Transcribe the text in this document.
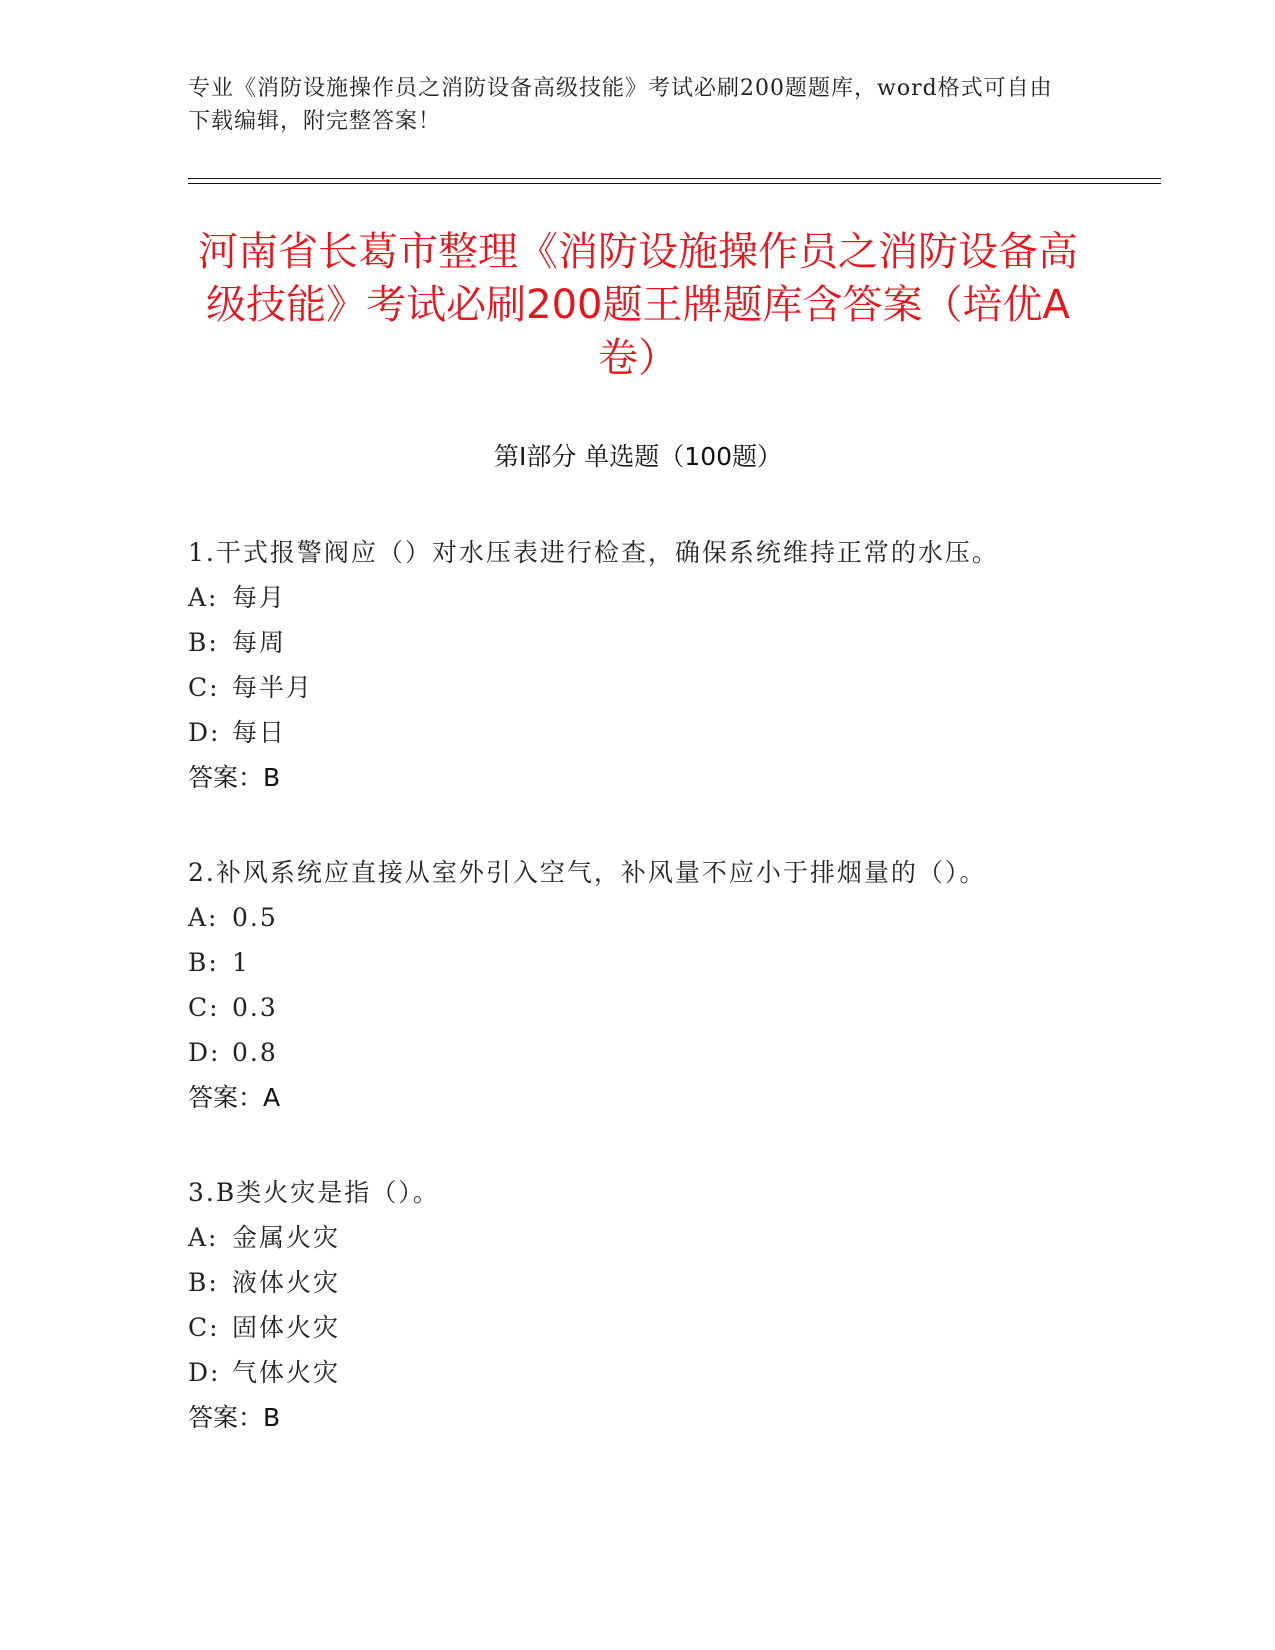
专业《消防设施操作员之消防设备高级技能》考试必刷200题题库，word格式可自由下载编辑，附完整答案！
河南省长葛市整理《消防设施操作员之消防设备高级技能》考试必刷200题王牌题库含答案（培优A卷）
第I部分 单选题（100题）
1.干式报警阀应（）对水压表进行检查，确保系统维持正常的水压。
A: 每月
B: 每周
C: 每半月
D: 每日
答案：B
2.补风系统应直接从室外引入空气，补风量不应小于排烟量的（）。
A: 0.5
B: 1
C: 0.3
D: 0.8
答案：A
3.B类火灾是指（）。
A: 金属火灾
B: 液体火灾
C: 固体火灾
D: 气体火灾
答案：B
